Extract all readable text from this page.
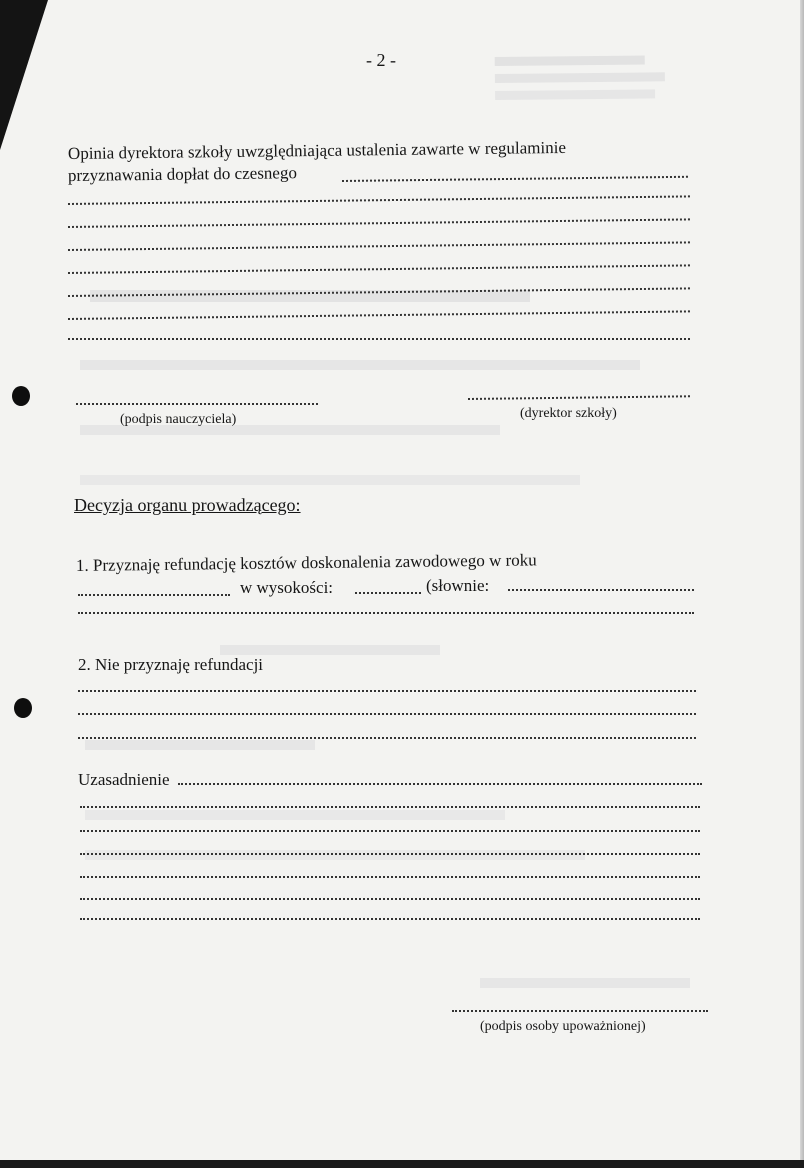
- 2 -
Opinia dyrektora szkoły uwzględniająca ustalenia zawarte w regulaminie
przyznawania dopłat do czesnego
(podpis nauczyciela)	(dyrektor szkoły)
Decyzja organu prowadzącego:
1. Przyznaję refundację kosztów doskonalenia zawodowego w roku
w wysokości:	(słownie:
2. Nie przyznaję refundacji
Uzasadnienie
(podpis osoby upoważnionej)
